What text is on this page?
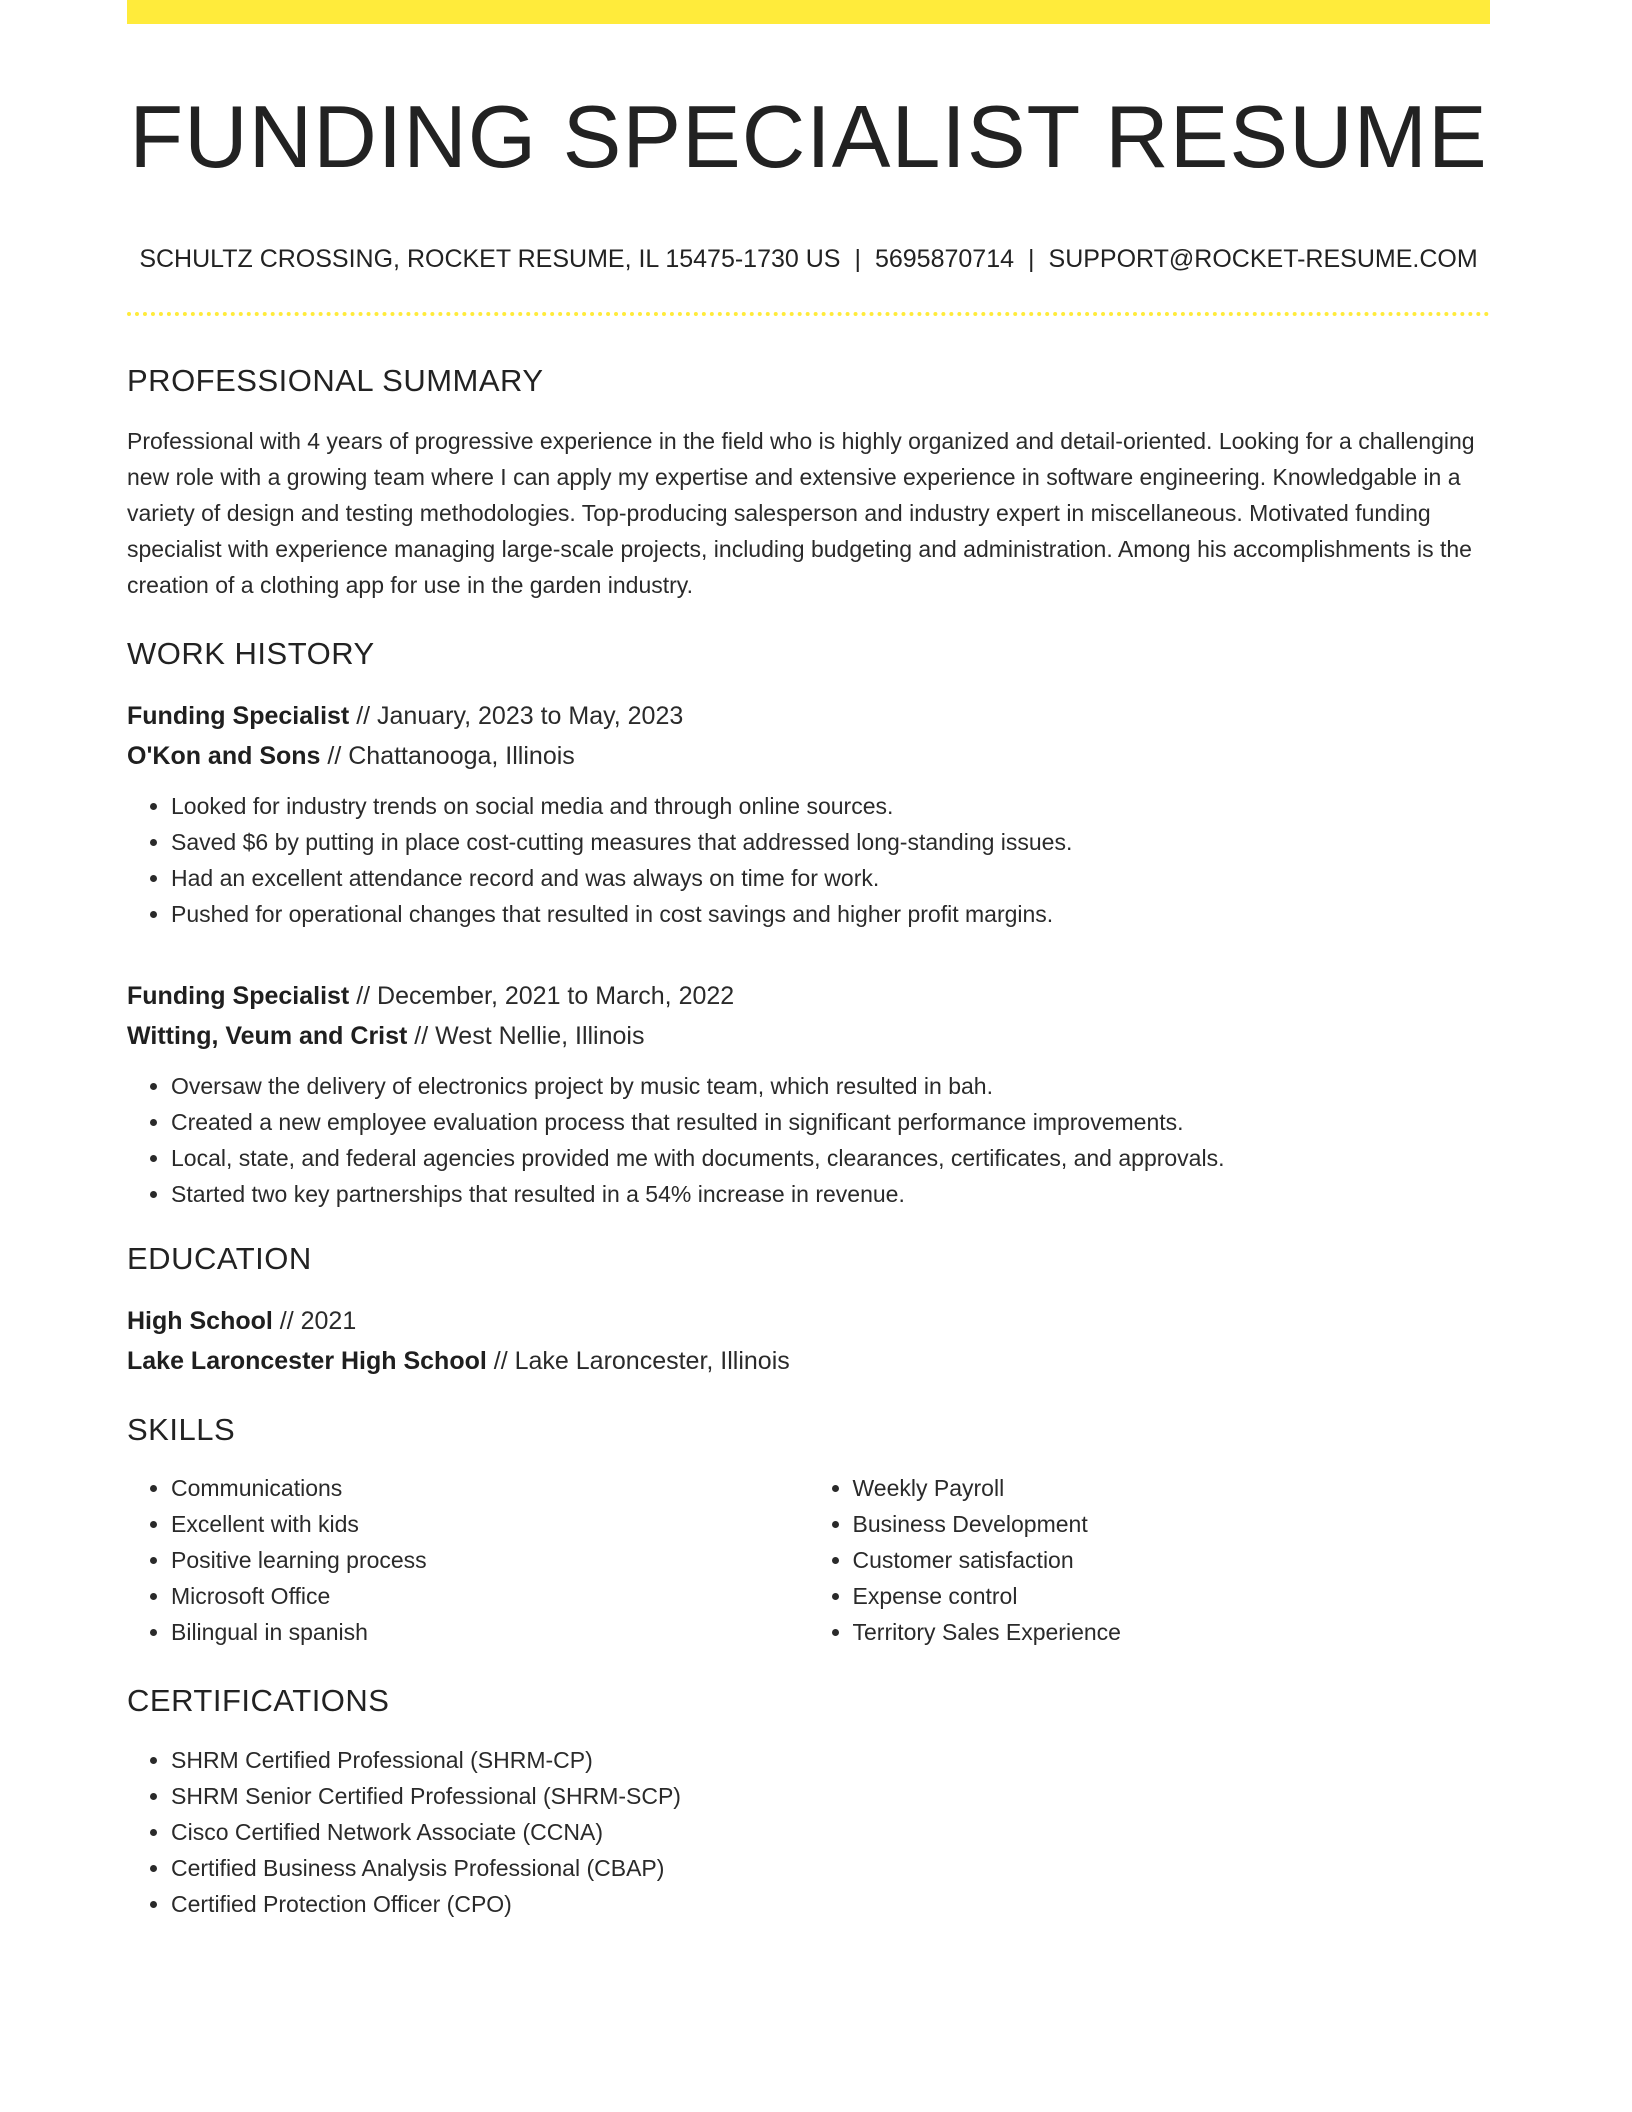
FUNDING SPECIALIST RESUME
SCHULTZ CROSSING, ROCKET RESUME, IL 15475-1730 US | 5695870714 | SUPPORT@ROCKET-RESUME.COM
PROFESSIONAL SUMMARY

Professional with 4 years of progressive experience in the field who is highly organized and detail-oriented. Looking for a challenging new role with a growing team where I can apply my expertise and extensive experience in software engineering. Knowledgable in a variety of design and testing methodologies. Top-producing salesperson and industry expert in miscellaneous. Motivated funding specialist with experience managing large-scale projects, including budgeting and administration. Among his accomplishments is the creation of a clothing app for use in the garden industry.

WORK HISTORY
Funding Specialist // January, 2023 to May, 2023
O'Kon and Sons // Chattanooga, Illinois
• Looked for industry trends on social media and through online sources.
• Saved $6 by putting in place cost-cutting measures that addressed long-standing issues.
• Had an excellent attendance record and was always on time for work.
• Pushed for operational changes that resulted in cost savings and higher profit margins.
Funding Specialist // December, 2021 to March, 2022
Witting, Veum and Crist // West Nellie, Illinois
• Oversaw the delivery of electronics project by music team, which resulted in bah.
• Created a new employee evaluation process that resulted in significant performance improvements.
• Local, state, and federal agencies provided me with documents, clearances, certificates, and approvals.
• Started two key partnerships that resulted in a 54% increase in revenue.
EDUCATION
High School // 2021
Lake Laroncester High School // Lake Laroncester, Illinois
SKILLS
• Communications
• Excellent with kids
• Positive learning process
• Microsoft Office
• Bilingual in spanish
• Weekly Payroll
• Business Development
• Customer satisfaction
• Expense control
• Territory Sales Experience
CERTIFICATIONS
• SHRM Certified Professional (SHRM-CP)
• SHRM Senior Certified Professional (SHRM-SCP)
• Cisco Certified Network Associate (CCNA)
• Certified Business Analysis Professional (CBAP)
• Certified Protection Officer (CPO)
